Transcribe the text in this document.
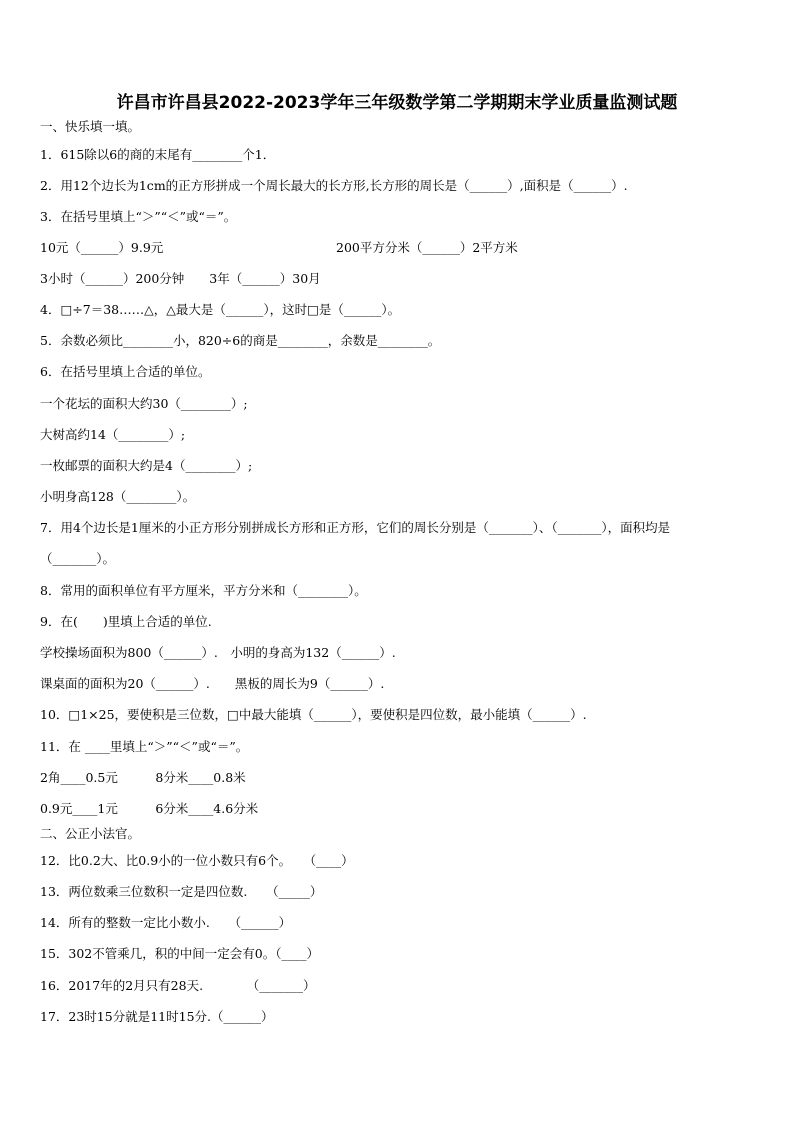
许昌市许昌县2022-2023学年三年级数学第二学期期末学业质量监测试题
一、快乐填一填。
1．615除以6的商的末尾有________个1．
2．用12个边长为1cm的正方形拼成一个周长最大的长方形,长方形的周长是（______）,面积是（______）.
3．在括号里填上“＞”“＜”或“＝”。
10元（______）9.9元	200平方分米（______）2平方米
3小时（______）200分钟　　3年（______）30月
4．□÷7＝38……△，△最大是（______），这时□是（______）。
5．余数必须比________小，820÷6的商是________，余数是________。
6．在括号里填上合适的单位。
一个花坛的面积大约30（________）;
大树高约14（________）;
一枚邮票的面积大约是4（________）;
小明身高128（________）。
7．用4个边长是1厘米的小正方形分别拼成长方形和正方形，它们的周长分别是（_______）、（_______），面积均是
（_______）。
8．常用的面积单位有平方厘米，平方分米和（________）。
9．在(　　)里填上合适的单位.
学校操场面积为800（______）.　小明的身高为132（______）.
课桌面的面积为20（______）.　　黑板的周长为9（______）.
10．□1×25，要使积是三位数，□中最大能填（______），要使积是四位数，最小能填（______）.
11．在 ____里填上“＞”“＜”或“＝”。
2角____0.5元　　　8分米____0.8米
0.9元____1元　　　6分米____4.6分米
二、公正小法官。
12．比0.2大、比0.9小的一位小数只有6个。　　（____）
13．两位数乘三位数积一定是四位数.　　（_____）
14．所有的整数一定比小数小.　　（______）
15．302不管乘几，积的中间一定会有0。（____）
16．2017年的2月只有28天.　　　　（_______）
17．23时15分就是11时15分.（______）
